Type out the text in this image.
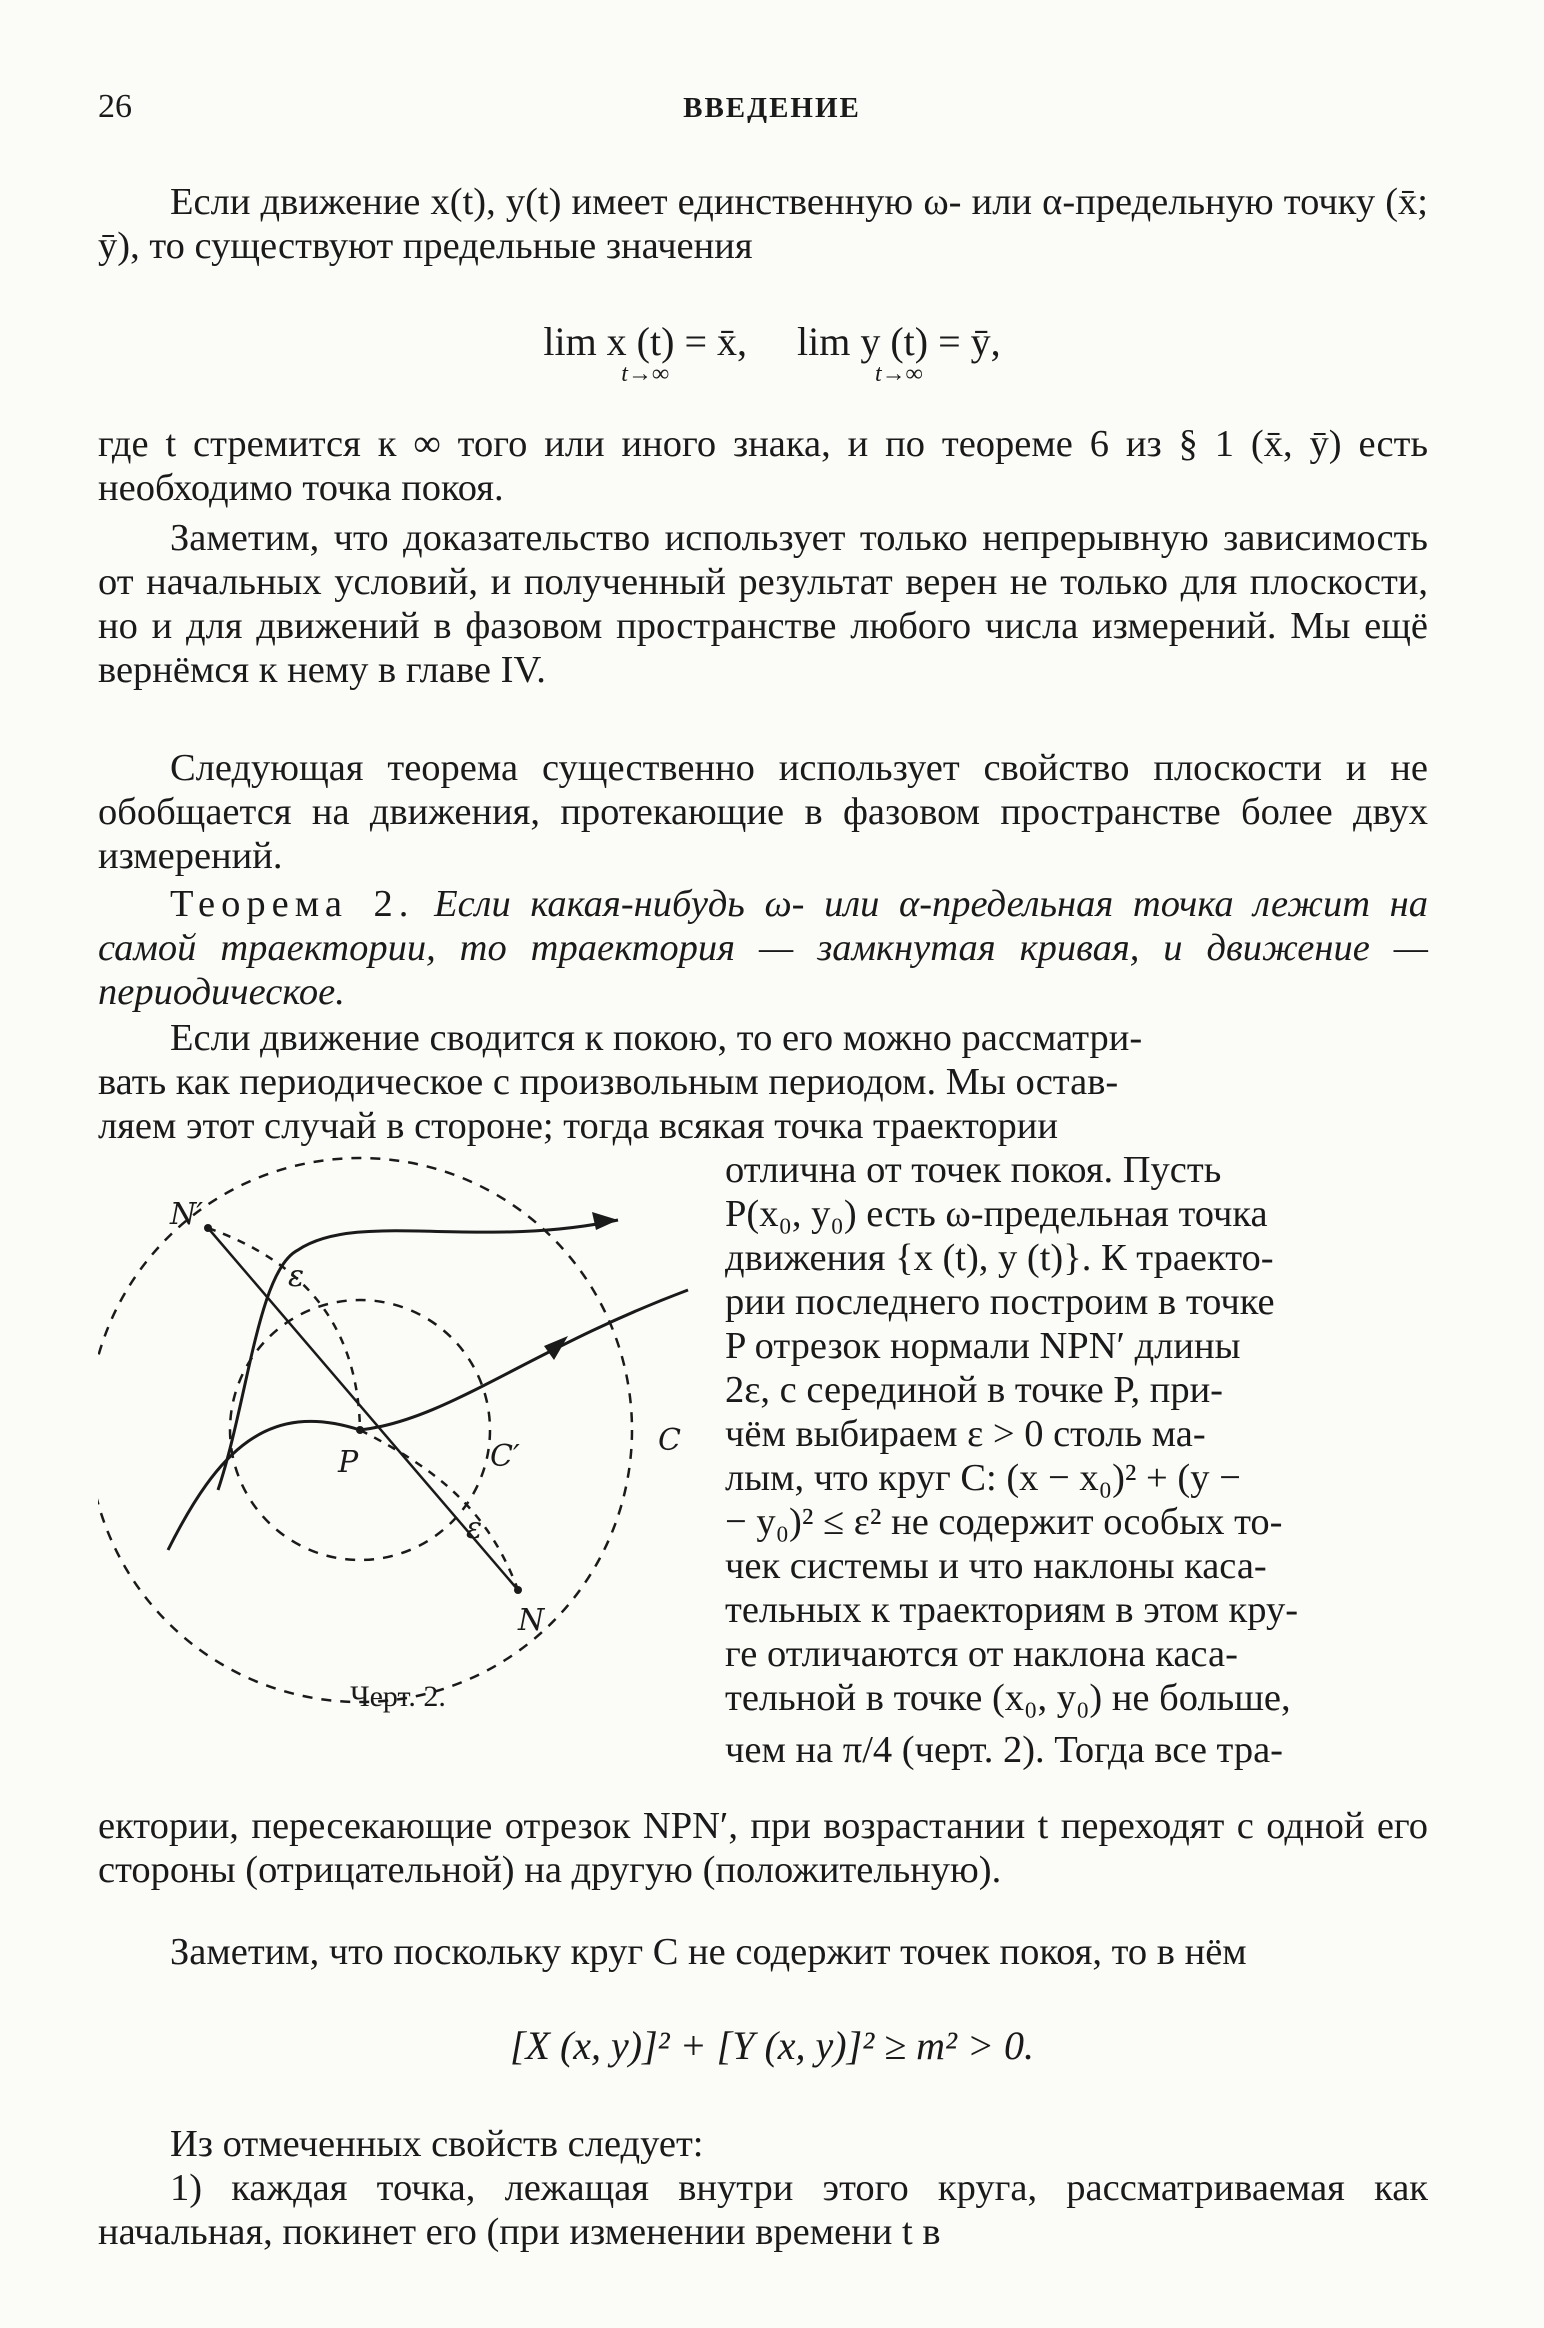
26	ВВЕДЕНИЕ
Если движение x(t), y(t) имеет единственную ω- или α-предельную точку (x̄; ȳ), то существуют предельные значения
lim x (t) = x̄,
t→∞
lim y (t) = ȳ,
t→∞
где t стремится к ∞ того или иного знака, и по теореме 6 из § 1 (x̄, ȳ) есть необходимо точка покоя.
Заметим, что доказательство использует только непрерывную зависимость от начальных условий, и полученный результат верен не только для плоскости, но и для движений в фазовом пространстве любого числа измерений. Мы ещё вернёмся к нему в главе IV.
Следующая теорема существенно использует свойство плоскости и не обобщается на движения, протекающие в фазовом пространстве более двух измерений.
Теорема 2. Если какая-нибудь ω- или α-предельная точка лежит на самой траектории, то траектория — замкнутая кривая, и движение — периодическое.
Если движение сводится к покою, то его можно рассматри-
вать как периодическое с произвольным периодом. Мы остав-
ляем этот случай в стороне; тогда всякая точка траектории
отлична от точек покоя. Пусть
P(x₀, y₀) есть ω-предельная точка
движения {x (t), y (t)}. К траекто-
рии последнего построим в точке
P отрезок нормали NPN′ длины
2ε, с серединой в точке P, при-
чём выбираем ε > 0 столь ма-
лым, что круг C: (x − x₀)² + (y −
− y₀)² ≤ ε² не содержит особых то-
чек системы и что наклоны каса-
тельных к траекториям в этом кру-
ге отличаются от наклона каса-
тельной в точке (x₀, y₀) не больше,
чем на π/4 (черт. 2). Тогда все тра-
N′
N
P
ε
ε
C
C′
Черт. 2.
ектории, пересекающие отрезок NPN′, при возрастании t переходят с одной его стороны (отрицательной) на другую (положительную).
Заметим, что поскольку круг C не содержит точек покоя, то в нём
[X (x, y)]² + [Y (x, y)]² ≥ m² > 0.
Из отмеченных свойств следует:
1) каждая точка, лежащая внутри этого круга, рассматриваемая как начальная, покинет его (при изменении времени t в
